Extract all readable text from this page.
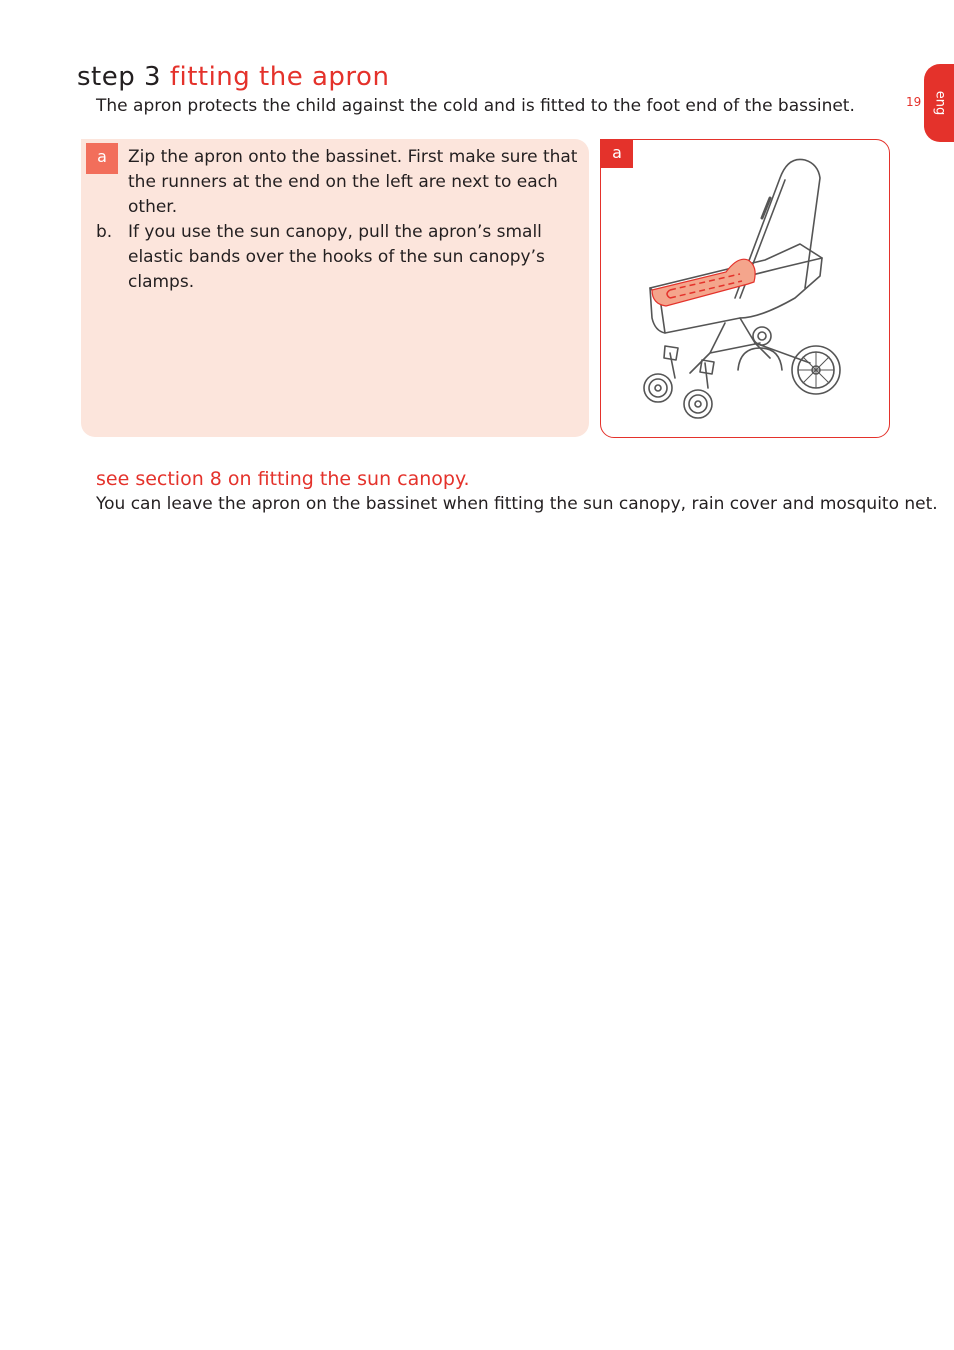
eng
19
step 3 fitting the apron

The apron protects the child against the cold and is fitted to the foot end of the bassinet.

a	Zip the apron onto the bassinet. First make sure that the runners at the end on the left are next to each other.

b. If you use the sun canopy, pull the apron’s small elastic bands over the hooks of the sun canopy’s clamps.

a

see section 8 on fitting the sun canopy.

You can leave the apron on the bassinet when fitting the sun canopy, rain cover and mosquito net.
